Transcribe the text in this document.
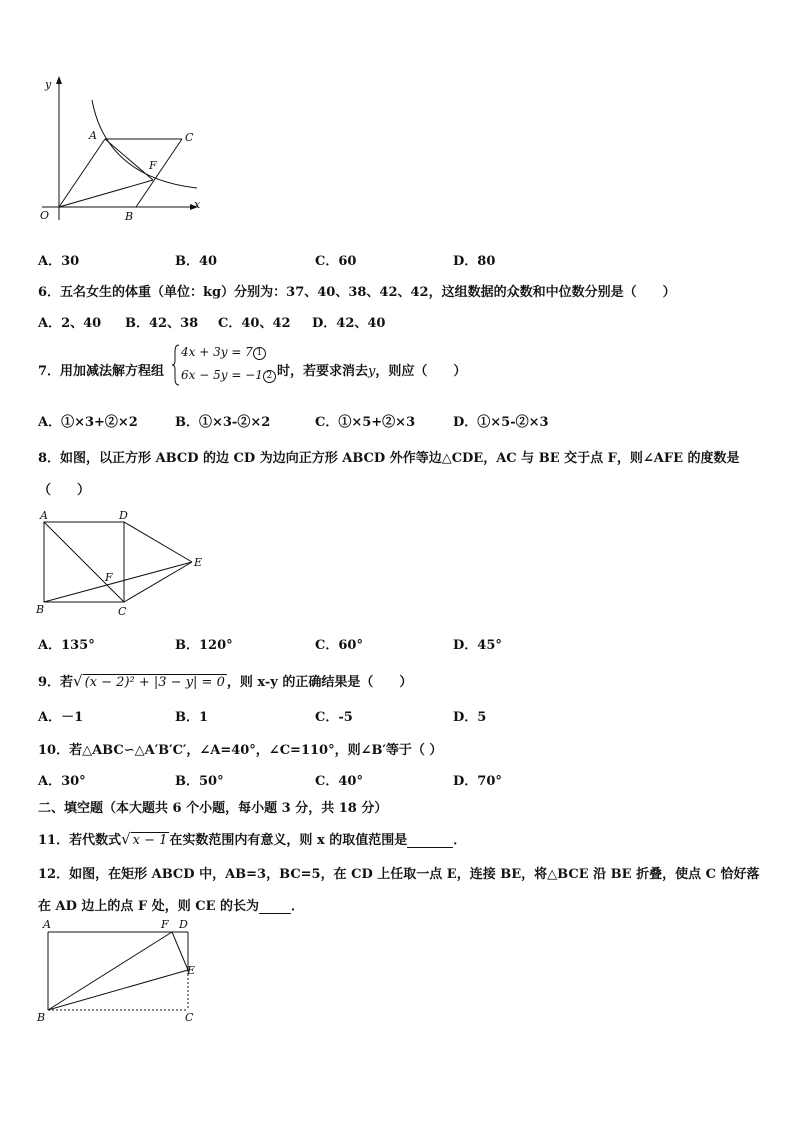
y
x
O
A
B
C
F
A．30	B．40	C．60	D．80
6．五名女生的体重（单位：kg）分别为：37、40、38、42、42，这组数据的众数和中位数分别是（　　）
A．2、40 B．42、38 C．40、42 D．42、40
7．用加减法解方程组
4x + 3y = 7 1
6x − 5y = −1 2 时，若要求消去y，则应（　　）
A．①×3+②×2	B．①×3-②×2	C．①×5+②×3	D．①×5-②×3
8．如图，以正方形 ABCD 的边 CD 为边向正方形 ABCD 外作等边△CDE，AC 与 BE 交于点 F，则∠AFE 的度数是
（　　）
A
B	C
D
E
F
A．135°	B．120°	C．60°	D．45°
9．若√ (x − 2)² + |3 − y| = 0 ，则 x-y 的正确结果是（　　）
A．－1	B．1	C．-5	D．5
10．若△ABC∽△A′B′C′，∠A=40°，∠C=110°，则∠B′等于（ ）
A．30°	B．50°	C．40°	D．70°
二、填空题（本大题共 6 个小题，每小题 3 分，共 18 分）
11．若代数式√ x − 1 在实数范围内有意义，则 x 的取值范围是	．
12．如图，在矩形 ABCD 中，AB=3，BC=5，在 CD 上任取一点 E，连接 BE，将△BCE 沿 BE 折叠，使点 C 恰好落
在 AD 边上的点 F 处，则 CE 的长为 ．
A
B	C
D
E
F
